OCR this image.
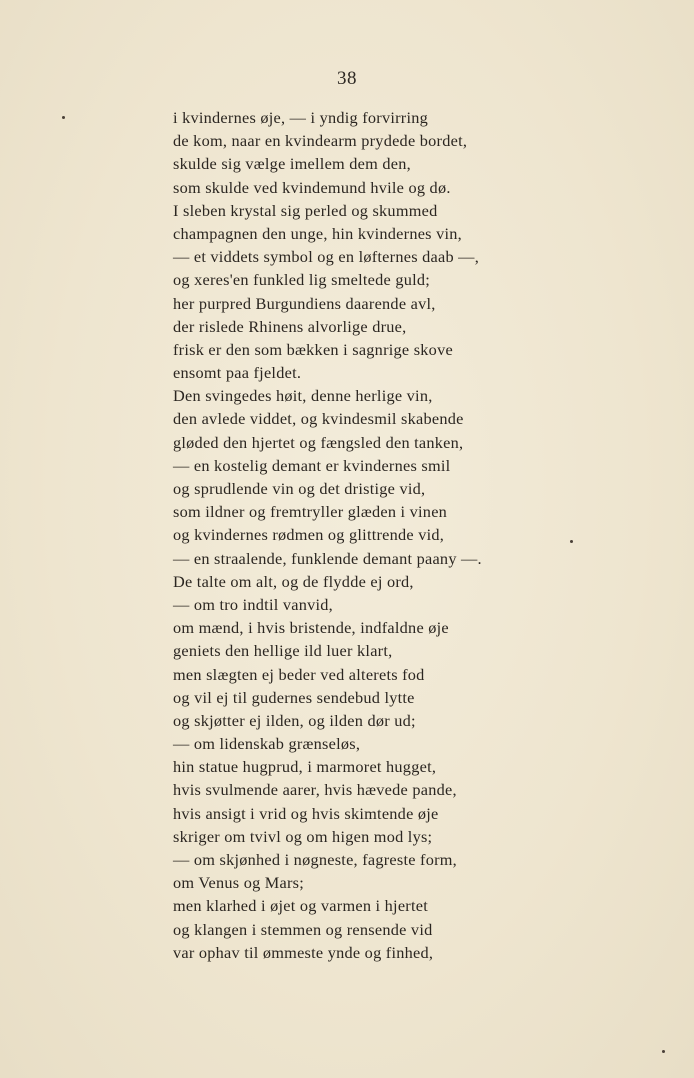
38
i kvindernes øje, — i yndig forvirring
de kom, naar en kvindearm prydede bordet,
skulde sig vælge imellem dem den,
som skulde ved kvindemund hvile og dø.
I sleben krystal sig perled og skummed
champagnen den unge, hin kvindernes vin,
— et viddets symbol og en løfternes daab —,
og xeres'en funkled lig smeltede guld;
her purpred Burgundiens daarende avl,
der rislede Rhinens alvorlige drue,
frisk er den som bækken i sagnrige skove
ensomt paa fjeldet.
Den svingedes høit, denne herlige vin,
den avlede viddet, og kvindesmil skabende
gløded den hjertet og fængsled den tanken,
— en kostelig demant er kvindernes smil
og sprudlende vin og det dristige vid,
som ildner og fremtryller glæden i vinen
og kvindernes rødmen og glittrende vid,
— en straalende, funklende demant paany —.
De talte om alt, og de flydde ej ord,
— om tro indtil vanvid,
om mænd, i hvis bristende, indfaldne øje
geniets den hellige ild luer klart,
men slægten ej beder ved alterets fod
og vil ej til gudernes sendebud lytte
og skjøtter ej ilden, og ilden dør ud;
— om lidenskab grænseløs,
hin statue hugprud, i marmoret hugget,
hvis svulmende aarer, hvis hævede pande,
hvis ansigt i vrid og hvis skimtende øje
skriger om tvivl og om higen mod lys;
— om skjønhed i nøgneste, fagreste form,
om Venus og Mars;
men klarhed i øjet og varmen i hjertet
og klangen i stemmen og rensende vid
var ophav til ømmeste ynde og finhed,
